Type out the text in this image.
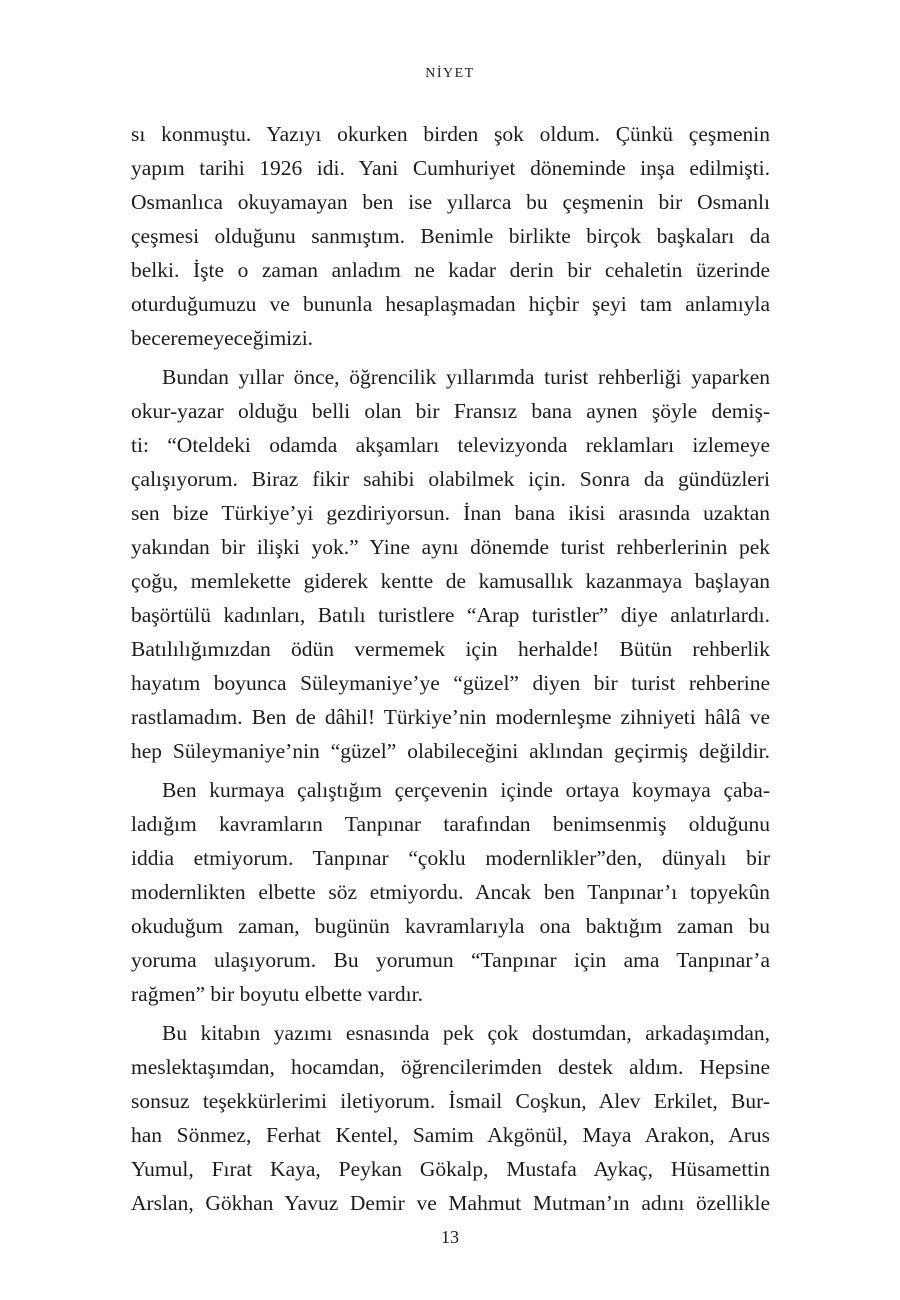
NİYET

sı konmuştu. Yazıyı okurken birden şok oldum. Çünkü çeşmenin
yapım tarihi 1926 idi. Yani Cumhuriyet döneminde inşa edilmişti.
Osmanlıca okuyamayan ben ise yıllarca bu çeşmenin bir Osmanlı
çeşmesi olduğunu sanmıştım. Benimle birlikte birçok başkaları da
belki. İşte o zaman anladım ne kadar derin bir cehaletin üzerinde
oturduğumuzu ve bununla hesaplaşmadan hiçbir şeyi tam anlamıyla
beceremeyeceğimizi.

Bundan yıllar önce, öğrencilik yıllarımda turist rehberliği yaparken
okur-yazar olduğu belli olan bir Fransız bana aynen şöyle demiş-
ti: “Oteldeki odamda akşamları televizyonda reklamları izlemeye
çalışıyorum. Biraz fikir sahibi olabilmek için. Sonra da gündüzleri
sen bize Türkiye’yi gezdiriyorsun. İnan bana ikisi arasında uzaktan
yakından bir ilişki yok.” Yine aynı dönemde turist rehberlerinin pek
çoğu, memlekette giderek kentte de kamusallık kazanmaya başlayan
başörtülü kadınları, Batılı turistlere “Arap turistler” diye anlatırlardı.
Batılılığımızdan ödün vermemek için herhalde! Bütün rehberlik
hayatım boyunca Süleymaniye’ye “güzel” diyen bir turist rehberine
rastlamadım. Ben de dâhil! Türkiye’nin modernleşme zihniyeti hâlâ ve
hep Süleymaniye’nin “güzel” olabileceğini aklından geçirmiş değildir.

Ben kurmaya çalıştığım çerçevenin içinde ortaya koymaya çaba-
ladığım kavramların Tanpınar tarafından benimsenmiş olduğunu
iddia etmiyorum. Tanpınar “çoklu modernlikler”den, dünyalı bir
modernlikten elbette söz etmiyordu. Ancak ben Tanpınar’ı topyekûn
okuduğum zaman, bugünün kavramlarıyla ona baktığım zaman bu
yoruma ulaşıyorum. Bu yorumun “Tanpınar için ama Tanpınar’a
rağmen” bir boyutu elbette vardır.

Bu kitabın yazımı esnasında pek çok dostumdan, arkadaşımdan,
meslektaşımdan, hocamdan, öğrencilerimden destek aldım. Hepsine
sonsuz teşekkürlerimi iletiyorum. İsmail Coşkun, Alev Erkilet, Bur-
han Sönmez, Ferhat Kentel, Samim Akgönül, Maya Arakon, Arus
Yumul, Fırat Kaya, Peykan Gökalp, Mustafa Aykaç, Hüsamettin
Arslan, Gökhan Yavuz Demir ve Mahmut Mutman’ın adını özellikle

13
